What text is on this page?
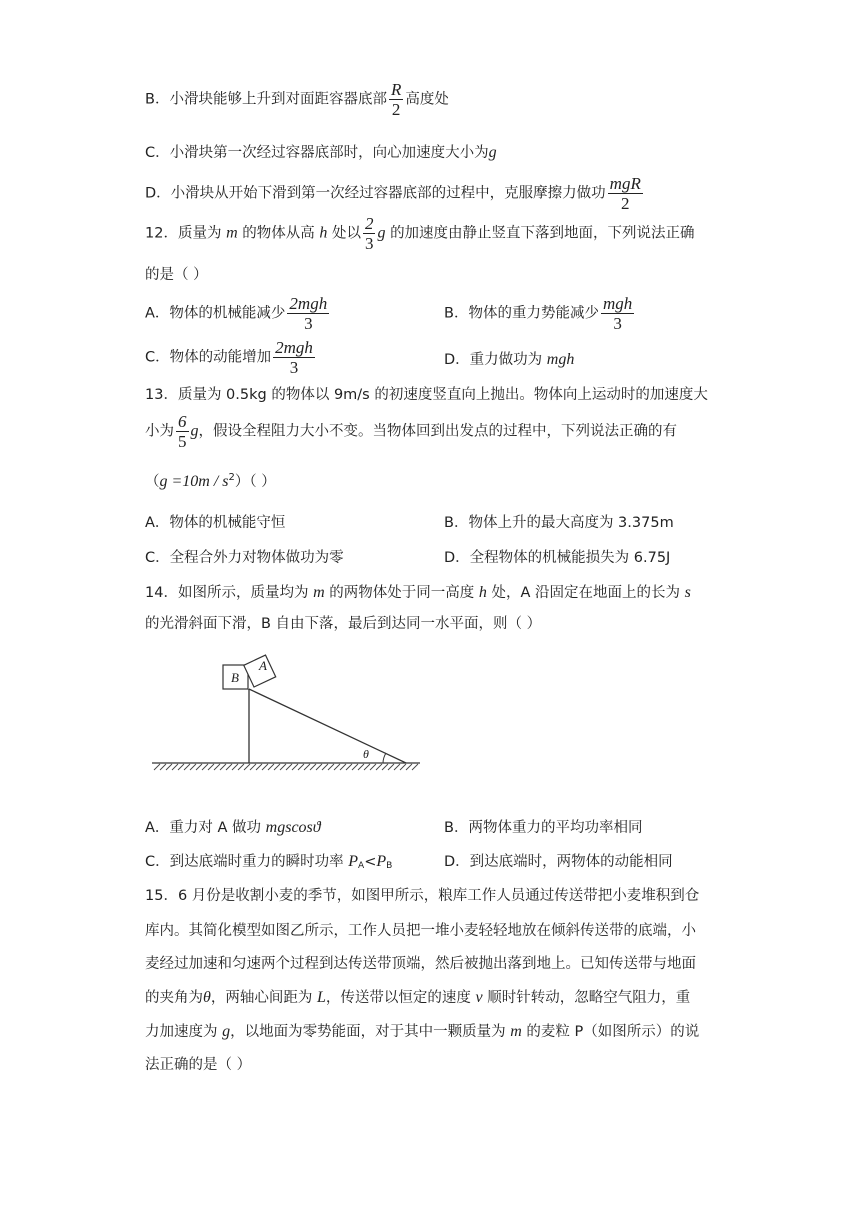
B．小滑块能够上升到对面距容器底部 $\frac{R}{2}$ 高度处
C．小滑块第一次经过容器底部时，向心加速度大小为g
D．小滑块从开始下滑到第一次经过容器底部的过程中，克服摩擦力做功 $\frac{\text{mgR}}{2}$
12．质量为 m 的物体从高 h 处以 $\frac{2}{3}$ g 的加速度由静止竖直下落到地面，下列说法正确
的是（ ）
A．物体的机械能减少 $\frac{\text{2mgh}}{3}$	B．物体的重力势能减少 $\frac{\text{mgh}}{3}$
C．物体的动能增加 $\frac{\text{2mgh}}{3}$	D．重力做功为 mgh
13．质量为 0.5kg 的物体以 9m/s 的初速度竖直向上抛出。物体向上运动时的加速度大
小为 $\frac{6}{5}$ g，假设全程阻力大小不变。当物体回到出发点的过程中，下列说法正确的有
$(g =10m / s^2)$（ ）
A．物体的机械能守恒	B．物体上升的最大高度为 3.375m
C．全程合外力对物体做功为零	D．全程物体的机械能损失为 6.75J
14．如图所示，质量均为 m 的两物体处于同一高度 h 处，A 沿固定在地面上的长为 s
的光滑斜面下滑，B 自由下落，最后到达同一水平面，则（ ）
θ
B
A
A．重力对 A 做功 mgscosϑ	B．两物体重力的平均功率相同
C．到达底端时重力的瞬时功率 $P_A<P_B$	D．到达底端时，两物体的动能相同
15．6 月份是收割小麦的季节，如图甲所示，粮库工作人员通过传送带把小麦堆积到仓
库内。其简化模型如图乙所示，工作人员把一堆小麦轻轻地放在倾斜传送带的底端，小
麦经过加速和匀速两个过程到达传送带顶端，然后被抛出落到地上。已知传送带与地面
的夹角为θ，两轴心间距为 L，传送带以恒定的速度 v 顺时针转动，忽略空气阻力，重
力加速度为 g，以地面为零势能面，对于其中一颗质量为 m 的麦粒 P（如图所示）的说
法正确的是（ ）
